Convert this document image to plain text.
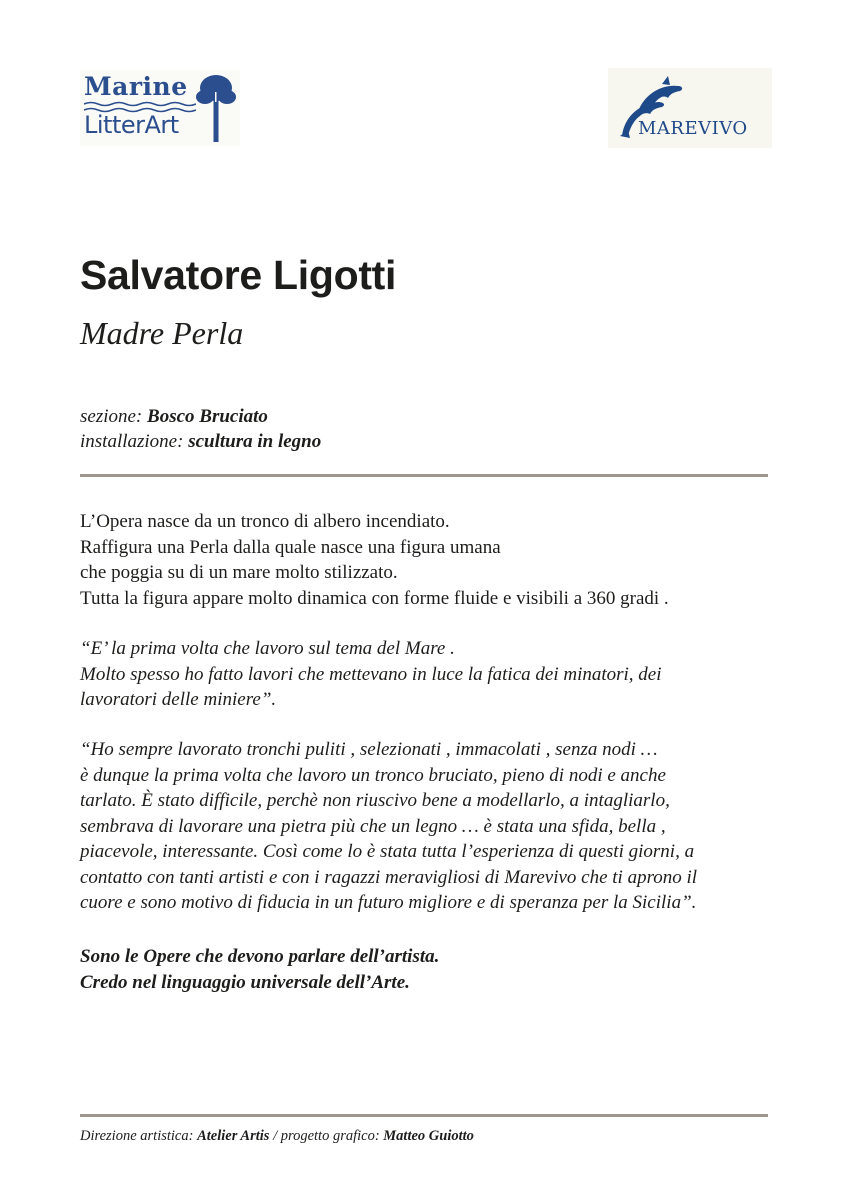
Marine
LitterArt	MAREVIVO
Salvatore Ligotti
Madre Perla
sezione: Bosco Bruciato
installazione: scultura in legno
L’Opera nasce da un tronco di albero incendiato.
Raffigura una Perla dalla quale nasce una figura umana
che poggia su di un mare molto stilizzato.
Tutta la figura appare molto dinamica con forme fluide e visibili a 360 gradi .
“E’ la prima volta che lavoro sul tema del Mare .
Molto spesso ho fatto lavori che mettevano in luce la fatica dei minatori, dei
lavoratori delle miniere”.
“Ho sempre lavorato tronchi puliti , selezionati , immacolati , senza nodi …
è dunque la prima volta che lavoro un tronco bruciato, pieno di nodi e anche
tarlato. È stato difficile, perchè non riuscivo bene a modellarlo, a intagliarlo,
sembrava di lavorare una pietra più che un legno … è stata una sfida, bella ,
piacevole, interessante. Così come lo è stata tutta l’esperienza di questi giorni, a
contatto con tanti artisti e con i ragazzi meravigliosi di Marevivo che ti aprono il
cuore e sono motivo di fiducia in un futuro migliore e di speranza per la Sicilia”.
Sono le Opere che devono parlare dell’artista.
Credo nel linguaggio universale dell’Arte.
Direzione artistica: Atelier Artis / progetto grafico: Matteo Guiotto
